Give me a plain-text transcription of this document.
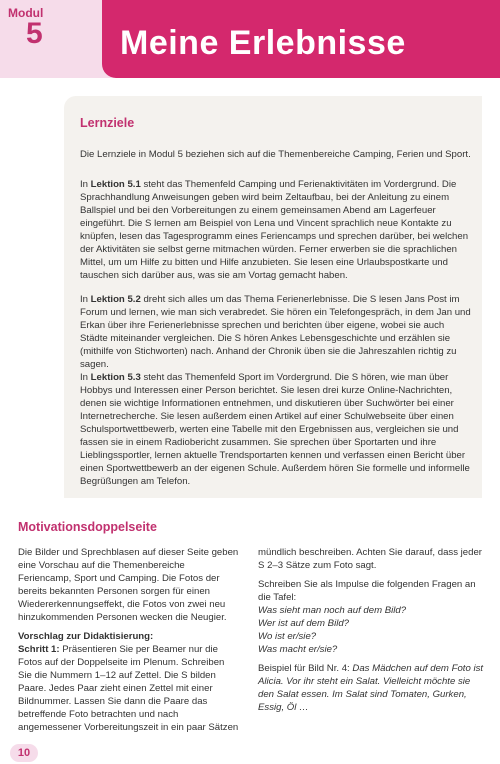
Modul
5 Meine Erlebnisse
Lernziele

Die Lernziele in Modul 5 beziehen sich auf die Themenbereiche Camping, Ferien und Sport.

In Lektion 5.1 steht das Themenfeld Camping und Ferienaktivitäten im Vordergrund. Die Sprachhandlung Anweisungen geben wird beim Zeltaufbau, bei der Anleitung zu einem Ballspiel und bei den Vorbereitungen zu einem gemeinsamen Abend am Lagerfeuer eingeführt. Die S lernen am Beispiel von Lena und Vincent sprachlich neue Kontakte zu knüpfen, lesen das Tagesprogramm eines Feriencamps und sprechen darüber, bei welchen der Aktivitäten sie selbst gerne mitmachen würden. Ferner erwerben sie die sprachlichen Mittel, um um Hilfe zu bitten und Hilfe anzubieten. Sie lesen eine Urlaubspostkarte und tauschen sich darüber aus, was sie am Vortag gemacht haben.

In Lektion 5.2 dreht sich alles um das Thema Ferienerlebnisse. Die S lesen Jans Post im Forum und lernen, wie man sich verabredet. Sie hören ein Telefongespräch, in dem Jan und Erkan über ihre Ferienerlebnisse sprechen und berichten über eigene, wobei sie auch Städte miteinander vergleichen. Die S hören Ankes Lebensgeschichte und erzählen sie (mithilfe von Stichworten) nach. Anhand der Chronik üben sie die Jahreszahlen richtig zu sagen.

In Lektion 5.3 steht das Themenfeld Sport im Vordergrund. Die S hören, wie man über Hobbys und Interessen einer Person berichtet. Sie lesen drei kurze Online-Nachrichten, denen sie wichtige Informationen entnehmen, und diskutieren über Suchwörter bei einer Internetrecherche. Sie lesen außerdem einen Artikel auf einer Schulwebseite über einen Schulsportwettbewerb, werten eine Tabelle mit den Ergebnissen aus, vergleichen sie und fassen sie in einem Radiobericht zusammen. Sie sprechen über Sportarten und ihre Lieblingssportler, lernen aktuelle Trendsportarten kennen und verfassen einen Bericht über einen Sportwettbewerb an der eigenen Schule. Außerdem hören Sie formelle und informelle Begrüßungen am Telefon.

Motivationsdoppelseite

Die Bilder und Sprechblasen auf dieser Seite geben eine Vorschau auf die Themenbereiche Feriencamp, Sport und Camping. Die Fotos der bereits bekannten Personen sorgen für einen Wiedererkennungseffekt, die Fotos von zwei neu hinzukommenden Personen wecken die Neugier.

Vorschlag zur Didaktisierung:

Schritt 1: Präsentieren Sie per Beamer nur die Fotos auf der Doppelseite im Plenum. Schreiben Sie die Nummern 1–12 auf Zettel. Die S bilden Paare. Jedes Paar zieht einen Zettel mit einer Bildnummer. Lassen Sie dann die Paare das betreffende Foto betrachten und nach angemessener Vorbereitungszeit in ein paar Sätzen

mündlich beschreiben. Achten Sie darauf, dass jeder S 2–3 Sätze zum Foto sagt.

Schreiben Sie als Impulse die folgenden Fragen an die Tafel:

Was sieht man noch auf dem Bild?
Wer ist auf dem Bild?
Wo ist er/sie?
Was macht er/sie?

Beispiel für Bild Nr. 4: Das Mädchen auf dem Foto ist Alicia. Vor ihr steht ein Salat. Vielleicht möchte sie den Salat essen. Im Salat sind Tomaten, Gurken, Essig, Öl …

10
